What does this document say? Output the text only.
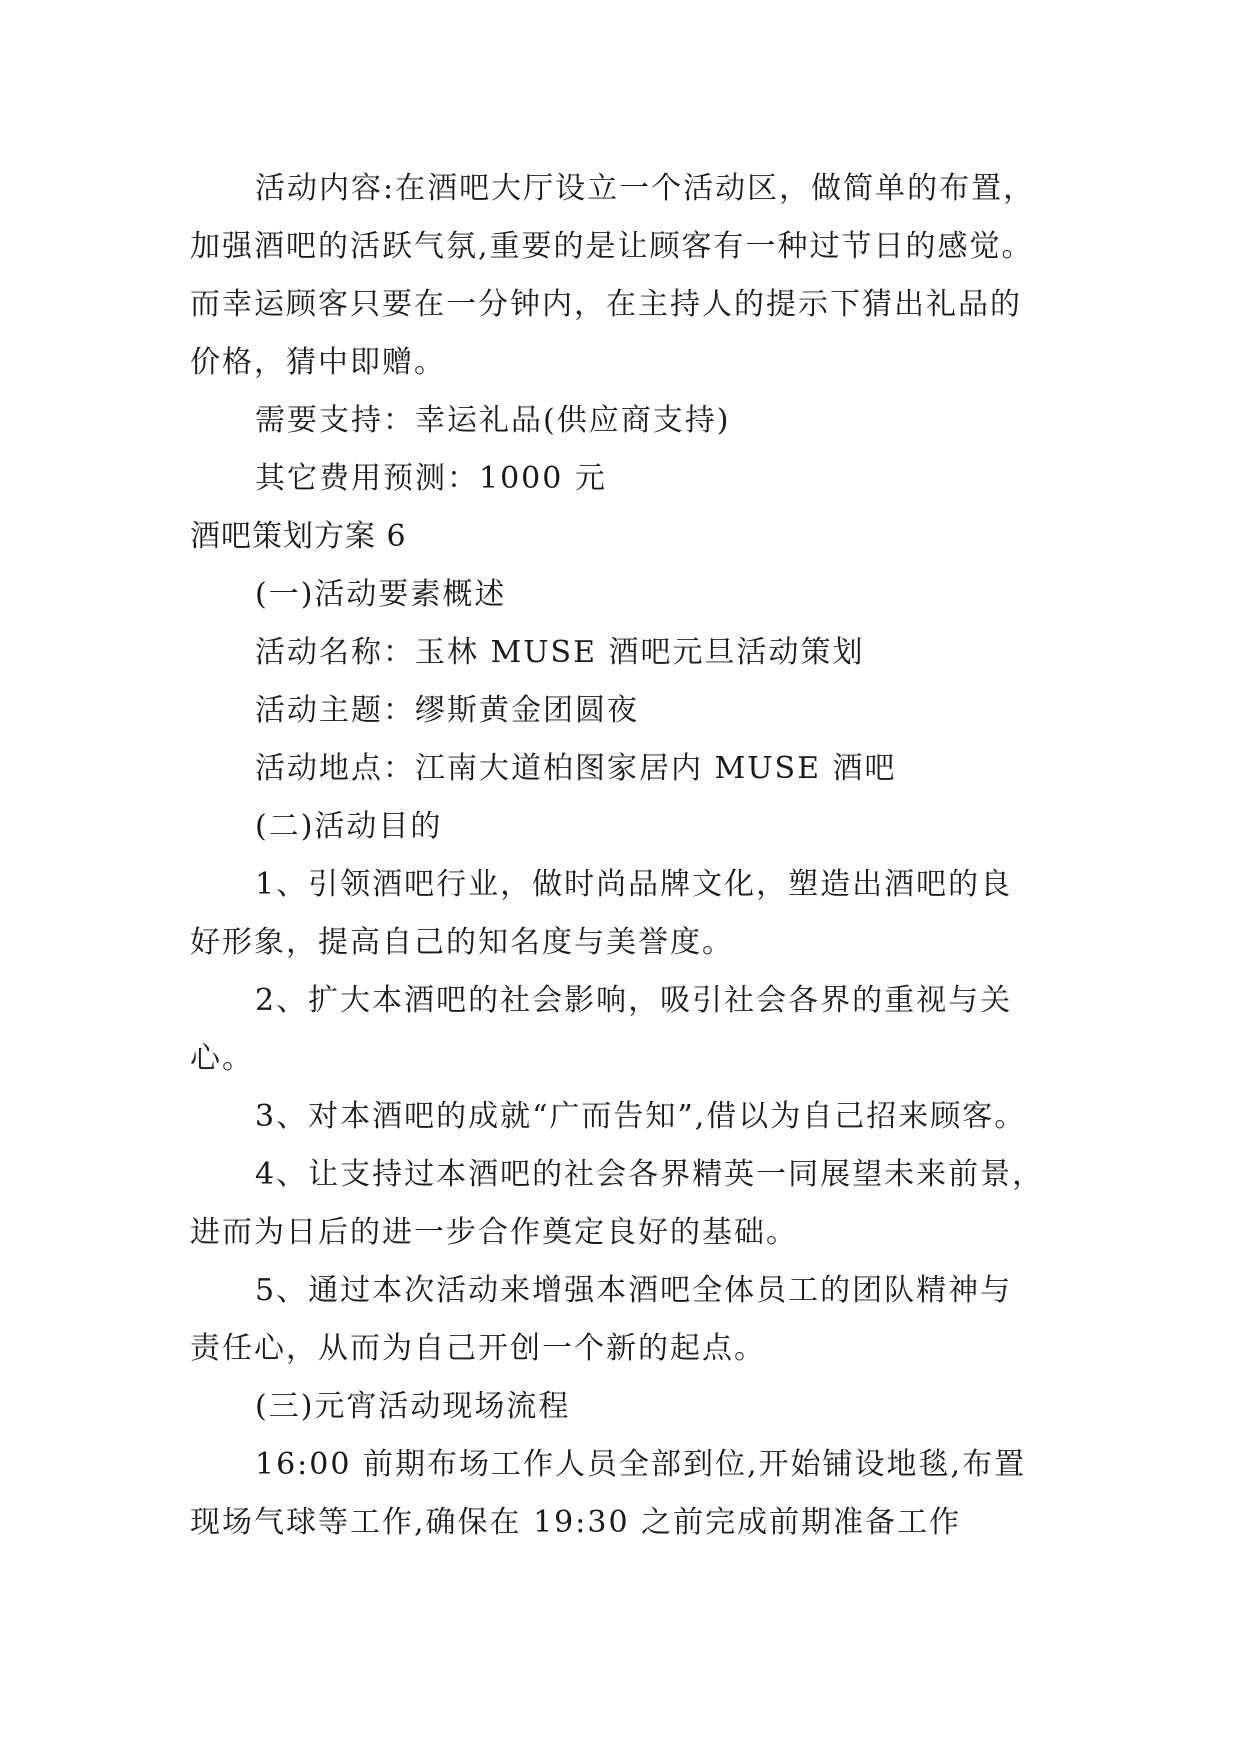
活动内容:在酒吧大厅设立一个活动区，做简单的布置，
加强酒吧的活跃气氛,重要的是让顾客有一种过节日的感觉。
而幸运顾客只要在一分钟内，在主持人的提示下猜出礼品的
价格，猜中即赠。
需要支持：幸运礼品(供应商支持)
其它费用预测：1000 元
酒吧策划方案 6
(一)活动要素概述
活动名称：玉林 MUSE 酒吧元旦活动策划
活动主题：缪斯黄金团圆夜
活动地点：江南大道柏图家居内 MUSE 酒吧
(二)活动目的
1、引领酒吧行业，做时尚品牌文化，塑造出酒吧的良
好形象，提高自己的知名度与美誉度。
2、扩大本酒吧的社会影响，吸引社会各界的重视与关
心。
3、对本酒吧的成就“广而告知”,借以为自己招来顾客。
4、让支持过本酒吧的社会各界精英一同展望未来前景，
进而为日后的进一步合作奠定良好的基础。
5、通过本次活动来增强本酒吧全体员工的团队精神与
责任心，从而为自己开创一个新的起点。
(三)元宵活动现场流程
16:00 前期布场工作人员全部到位,开始铺设地毯,布置
现场气球等工作,确保在 19:30 之前完成前期准备工作
